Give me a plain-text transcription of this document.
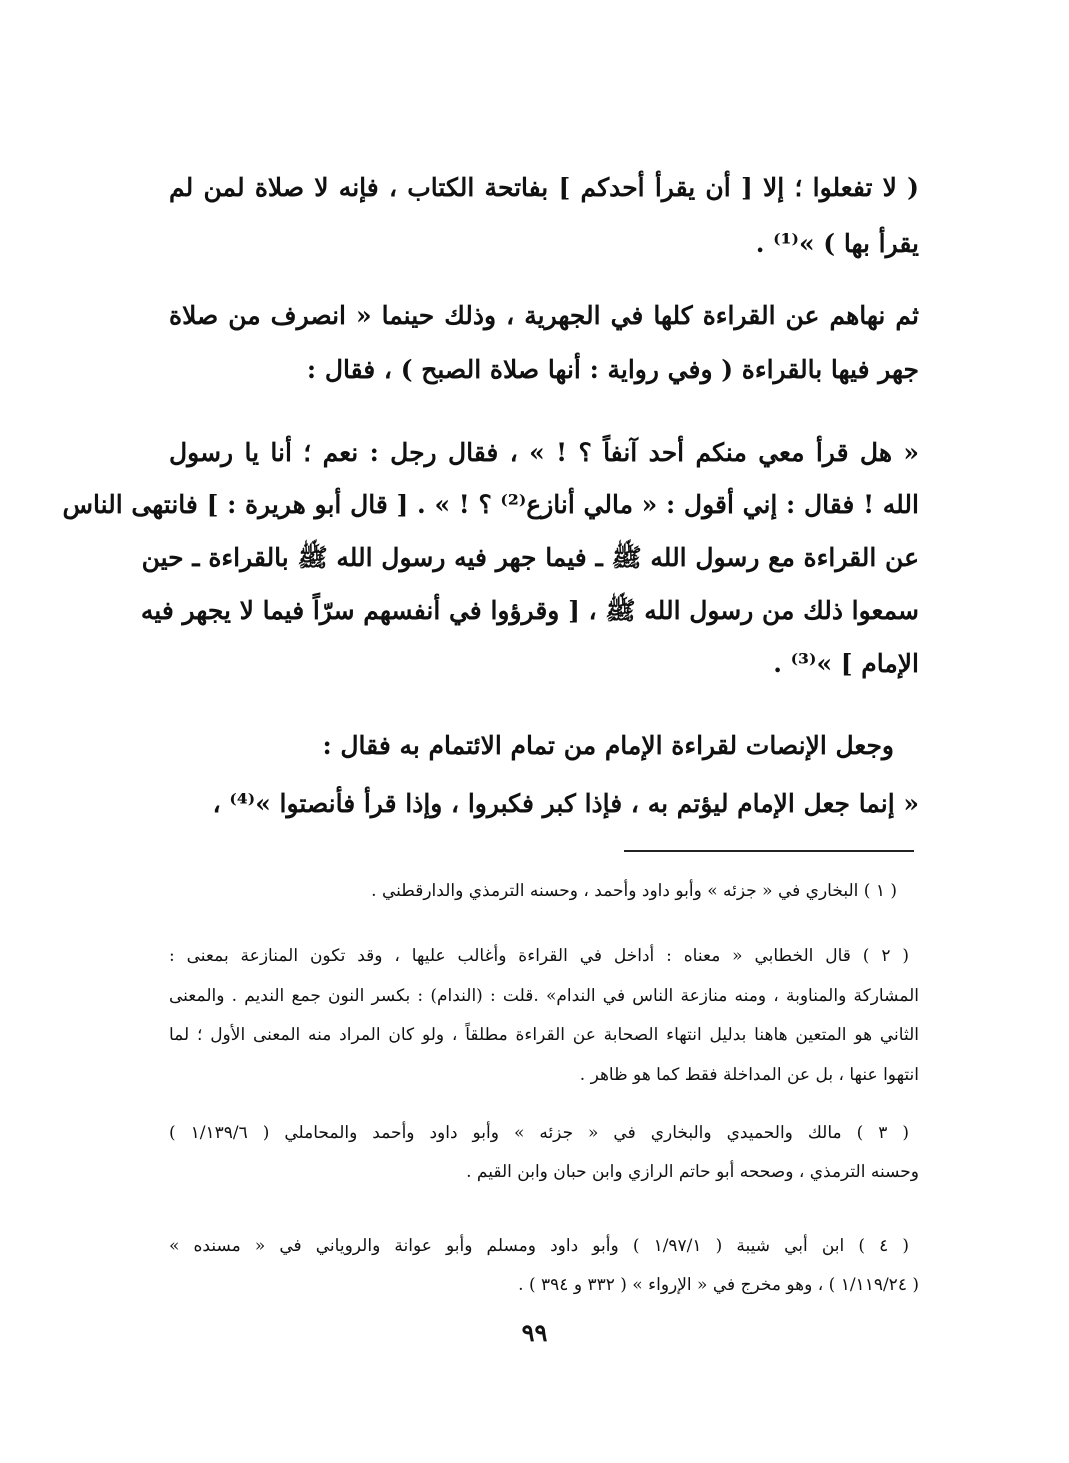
( لا تفعلوا ؛ إلا [ أن يقرأ أحدكم ] بفاتحة الكتاب ، فإنه لا صلاة لمن لم
يقرأ بها ) »⁽¹⁾ .
ثم نهاهم عن القراءة كلها في الجهرية ، وذلك حينما « انصرف من صلاة
جهر فيها بالقراءة ( وفي رواية : أنها صلاة الصبح ) ، فقال :
« هل قرأ معي منكم أحد آنفاً ؟ ! » ، فقال رجل : نعم ؛ أنا يا رسول
الله ! فقال : إني أقول : « مالي أنازع⁽²⁾ ؟ ! » . [ قال أبو هريرة : ] فانتهى الناس
عن القراءة مع رسول الله ﷺ ـ فيما جهر فيه رسول الله ﷺ بالقراءة ـ حين
سمعوا ذلك من رسول الله ﷺ ، [ وقرؤوا في أنفسهم سرّاً فيما لا يجهر فيه
الإمام ] »⁽³⁾ .
وجعل الإنصات لقراءة الإمام من تمام الائتمام به فقال :
« إنما جعل الإمام ليؤتم به ، فإذا كبر فكبروا ، وإذا قرأ فأنصتوا »⁽⁴⁾ ،
( ١ ) البخاري في « جزئه » وأبو داود وأحمد ، وحسنه الترمذي والدارقطني .
( ٢ ) قال الخطابي « معناه : أداخل في القراءة وأغالب عليها ، وقد تكون المنازعة بمعنى :
المشاركة والمناوبة ، ومنه منازعة الناس في الندام» .قلت : (الندام) : بكسر النون جمع النديم . والمعنى
الثاني هو المتعين هاهنا بدليل انتهاء الصحابة عن القراءة مطلقاً ، ولو كان المراد منه المعنى الأول ؛ لما
انتهوا عنها ، بل عن المداخلة فقط كما هو ظاهر .
( ٣ ) مالك والحميدي والبخاري في « جزئه » وأبو داود وأحمد والمحاملي ( ١/١٣٩/٦ )
وحسنه الترمذي ، وصححه أبو حاتم الرازي وابن حبان وابن القيم .
( ٤ ) ابن أبي شيبة ( ١/٩٧/١ ) وأبو داود ومسلم وأبو عوانة والروياني في « مسنده »
( ١/١١٩/٢٤ ) ، وهو مخرج في « الإرواء » ( ٣٣٢ و ٣٩٤ ) .
٩٩
